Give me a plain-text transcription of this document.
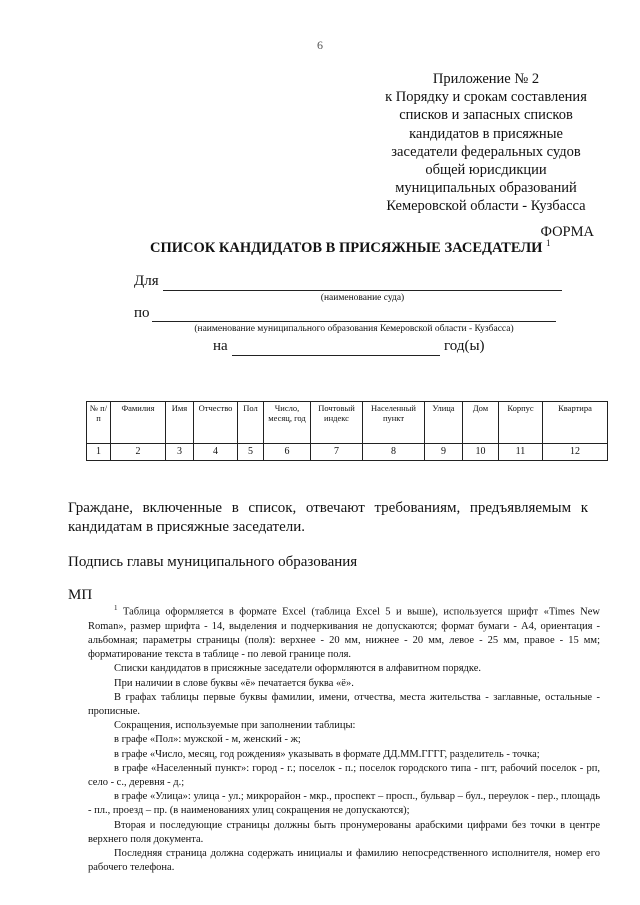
6
Приложение № 2
к Порядку и срокам составления
списков и запасных списков
кандидатов в присяжные
заседатели федеральных судов
общей юрисдикции
муниципальных образований
Кемеровской области - Кузбасса
ФОРМА
СПИСОК КАНДИДАТОВ В ПРИСЯЖНЫЕ ЗАСЕДАТЕЛИ $^1$
Для
(наименование суда)
по
(наименование муниципального образования Кемеровской области - Кузбасса)
на	год(ы)
№ п/п	Фамилия	Имя	Отчество	Пол	Число, месяц, год	Почтовый индекс	Населенный пункт	Улица	Дом	Корпус	Квартира
1	2	3	4	5	6	7	8	9	10	11	12
Граждане, включенные в список, отвечают требованиям, предъявляемым к кандидатам в присяжные заседатели.
Подпись главы муниципального образования
МП

$^1$ Таблица оформляется в формате Excel (таблица Excel 5 и выше), используется шрифт «Times New Roman», размер шрифта - 14, выделения и подчеркивания не допускаются; формат бумаги - А4, ориентация - альбомная; параметры страницы (поля): верхнее - 20 мм, нижнее - 20 мм, левое - 25 мм, правое - 15 мм; форматирование текста в таблице - по левой границе поля.

Списки кандидатов в присяжные заседатели оформляются в алфавитном порядке.

При наличии в слове буквы «ё» печатается буква «ё».

В графах таблицы первые буквы фамилии, имени, отчества, места жительства - заглавные, остальные - прописные.

Сокращения, используемые при заполнении таблицы:

в графе «Пол»: мужской - м, женский - ж;

в графе «Число, месяц, год рождения» указывать в формате ДД.ММ.ГГГГ, разделитель - точка;

в графе «Населенный пункт»: город - г.; поселок - п.; поселок городского типа - пгт, рабочий поселок - рп, село - с., деревня - д.;

в графе «Улица»: улица - ул.; микрорайон - мкр., проспект – просп., бульвар – бул., переулок - пер., площадь - пл., проезд – пр. (в наименованиях улиц сокращения не допускаются);

Вторая и последующие страницы должны быть пронумерованы арабскими цифрами без точки в центре верхнего поля документа.

Последняя страница должна содержать инициалы и фамилию непосредственного исполнителя, номер его рабочего телефона.
